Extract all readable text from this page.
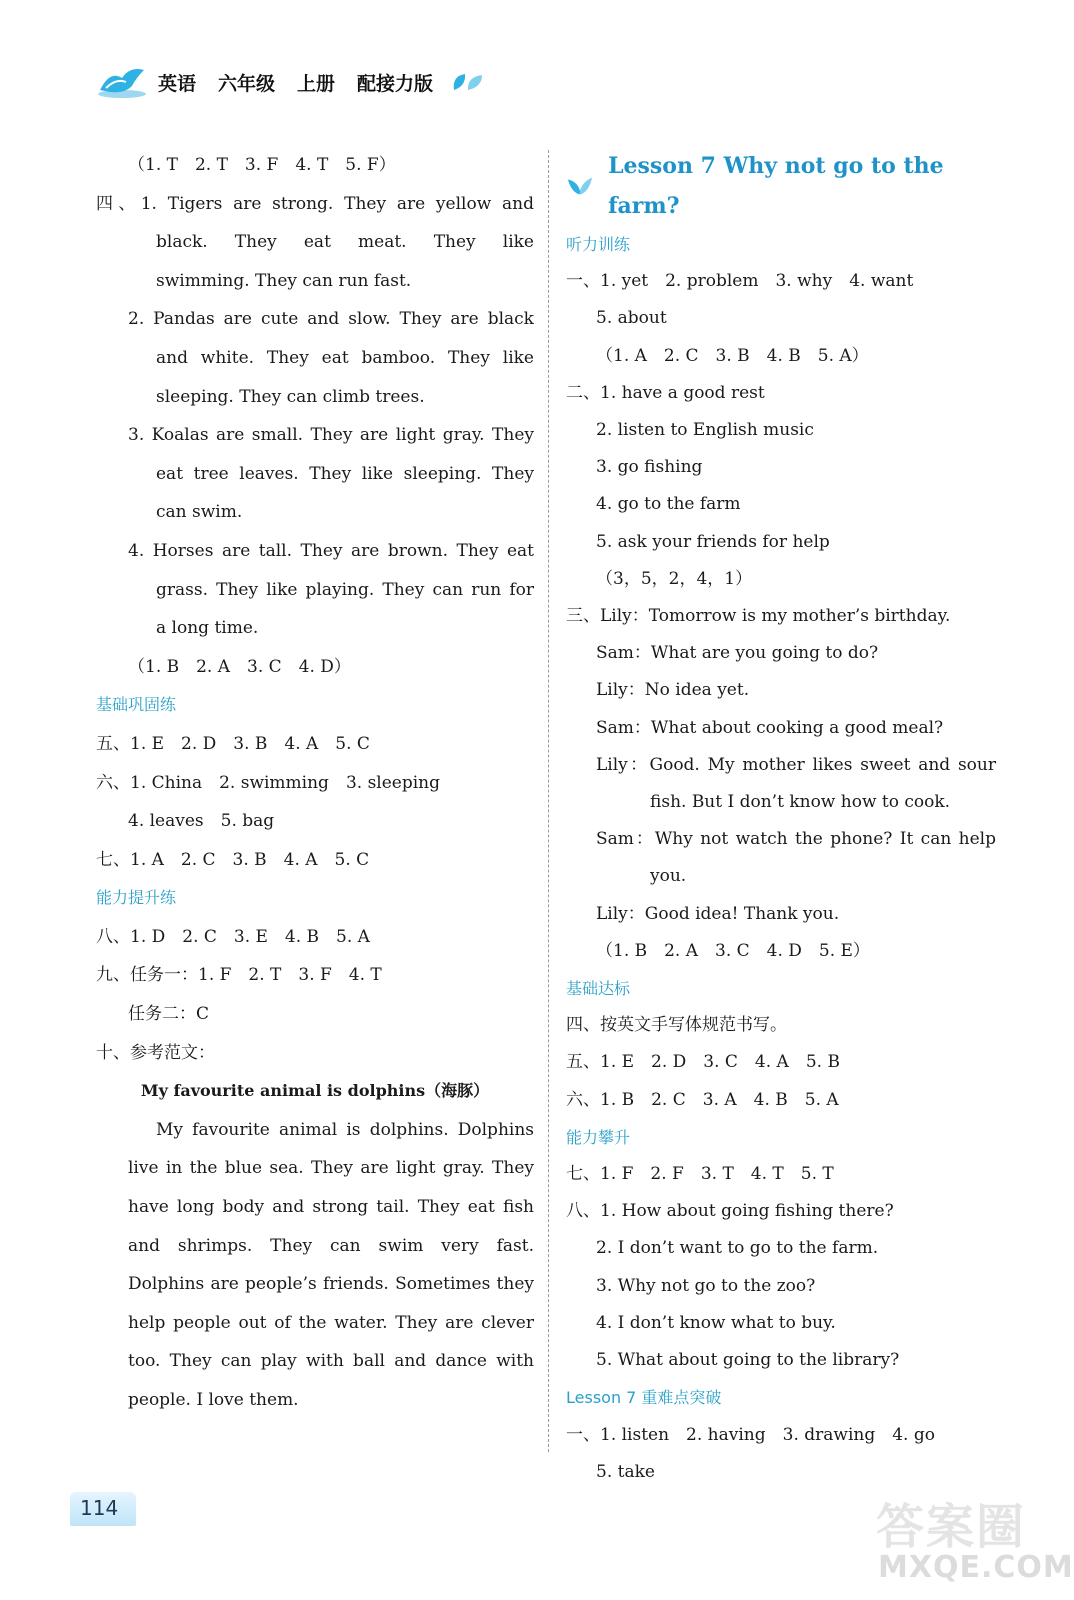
英语 六年级 上册 配接力版
（1. T　2. T　3. F　4. T　5. F）
四、1. Tigers are strong. They are yellow and
black. They eat meat. They like
swimming. They can run fast.
2. Pandas are cute and slow. They are black
and white. They eat bamboo. They like
sleeping. They can climb trees.
3. Koalas are small. They are light gray. They
eat tree leaves. They like sleeping. They
can swim.
4. Horses are tall. They are brown. They eat
grass. They like playing. They can run for
a long time.
（1. B　2. A　3. C　4. D）
基础巩固练
五、1. E　2. D　3. B　4. A　5. C
六、1. China　2. swimming　3. sleeping
4. leaves　5. bag
七、1. A　2. C　3. B　4. A　5. C
能力提升练
八、1. D　2. C　3. E　4. B　5. A
九、任务一：1. F　2. T　3. F　4. T
任务二：C
十、参考范文：
My favourite animal is dolphins（海豚）
My favourite animal is dolphins. Dolphins
live in the blue sea. They are light gray. They
have long body and strong tail. They eat fish
and shrimps. They can swim very fast.
Dolphins are people’s friends. Sometimes they
help people out of the water. They are clever
too. They can play with ball and dance with
people. I love them.
Lesson 7 Why not go to the farm?
听力训练
一、1. yet　2. problem　3. why　4. want
5. about
（1. A　2. C　3. B　4. B　5. A）
二、1. have a good rest
2. listen to English music
3. go fishing
4. go to the farm
5. ask your friends for help
（3，5，2，4，1）
三、Lily：Tomorrow is my mother’s birthday.
Sam：What are you going to do?
Lily：No idea yet.
Sam：What about cooking a good meal?
Lily：Good. My mother likes sweet and sour
fish. But I don’t know how to cook.
Sam：Why not watch the phone? It can help
you.
Lily：Good idea! Thank you.
（1. B　2. A　3. C　4. D　5. E）
基础达标
四、按英文手写体规范书写。
五、1. E　2. D　3. C　4. A　5. B
六、1. B　2. C　3. A　4. B　5. A
能力攀升
七、1. F　2. F　3. T　4. T　5. T
八、1. How about going fishing there?
2. I don’t want to go to the farm.
3. Why not go to the zoo?
4. I don’t know what to buy.
5. What about going to the library?
Lesson 7 重难点突破
一、1. listen　2. having　3. drawing　4. go
5. take
114	答案圈
MXQE.COM
